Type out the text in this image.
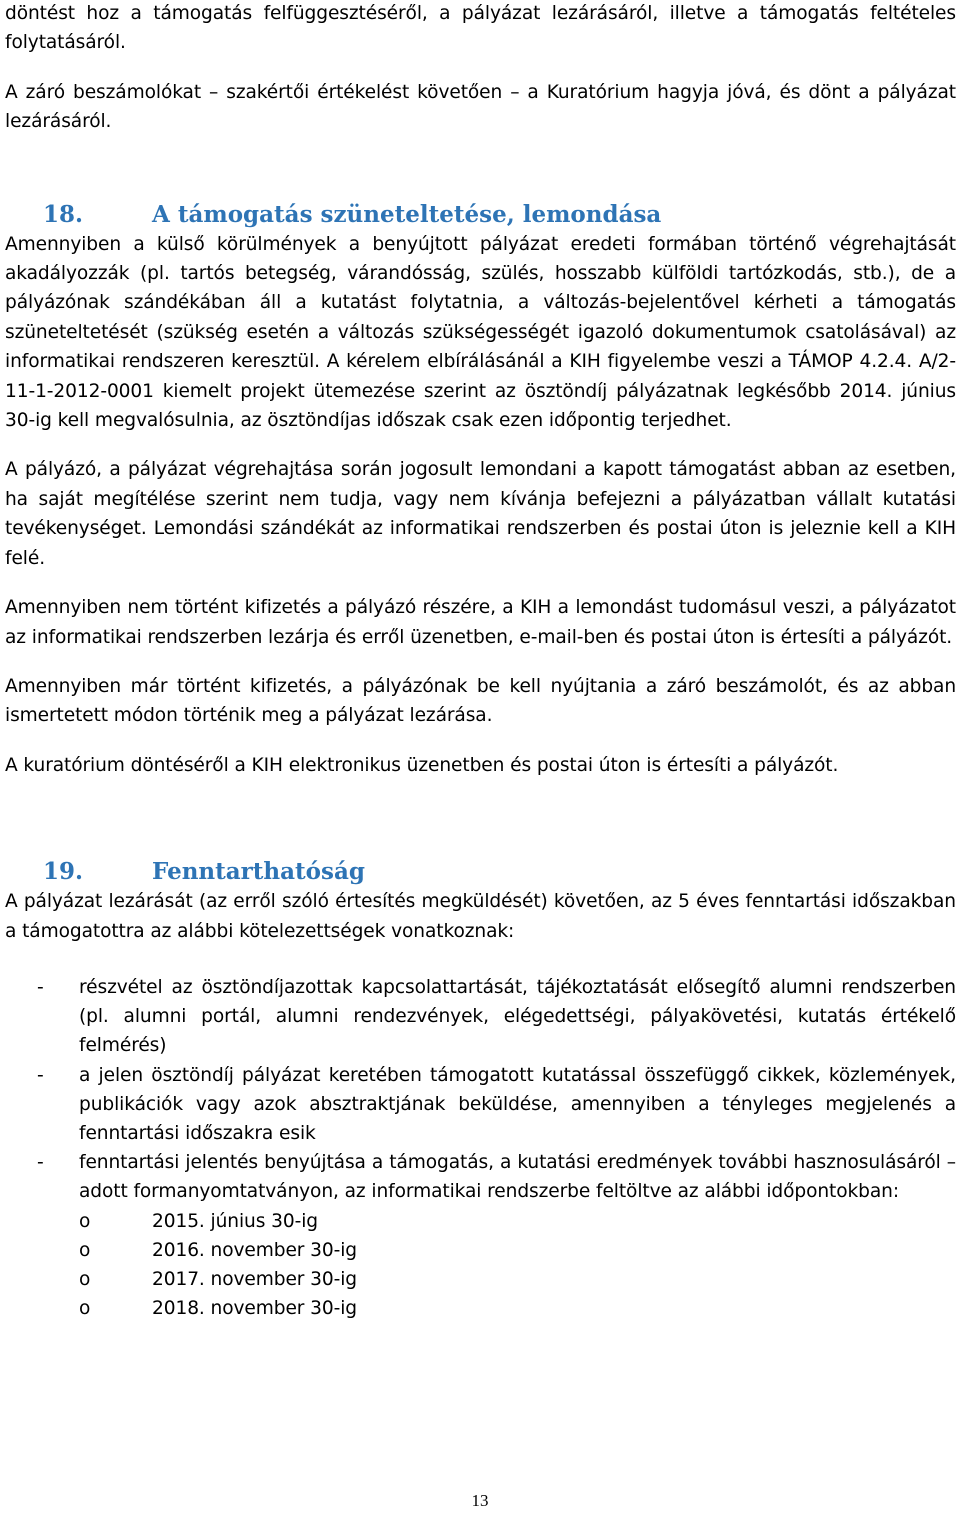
döntést hoz a támogatás felfüggesztéséről, a pályázat lezárásáról, illetve a támogatás feltételes folytatásáról.

A záró beszámolókat – szakértői értékelést követően – a Kuratórium hagyja jóvá, és dönt a pályázat lezárásáról.

18.	A támogatás szüneteltetése, lemondása

Amennyiben a külső körülmények a benyújtott pályázat eredeti formában történő végrehajtását akadályozzák (pl. tartós betegség, várandósság, szülés, hosszabb külföldi tartózkodás, stb.), de a pályázónak szándékában áll a kutatást folytatnia, a változás-bejelentővel kérheti a támogatás szüneteltetését (szükség esetén a változás szükségességét igazoló dokumentumok csatolásával) az informatikai rendszeren keresztül. A kérelem elbírálásánál a KIH figyelembe veszi a TÁMOP 4.2.4. A/2-11-1-2012-0001 kiemelt projekt ütemezése szerint az ösztöndíj pályázatnak legkésőbb 2014. június 30-ig kell megvalósulnia, az ösztöndíjas időszak csak ezen időpontig terjedhet.

A pályázó, a pályázat végrehajtása során jogosult lemondani a kapott támogatást abban az esetben, ha saját megítélése szerint nem tudja, vagy nem kívánja befejezni a pályázatban vállalt kutatási tevékenységet. Lemondási szándékát az informatikai rendszerben és postai úton is jeleznie kell a KIH felé.

Amennyiben nem történt kifizetés a pályázó részére, a KIH a lemondást tudomásul veszi, a pályázatot az informatikai rendszerben lezárja és erről üzenetben, e-mail-ben és postai úton is értesíti a pályázót.

Amennyiben már történt kifizetés, a pályázónak be kell nyújtania a záró beszámolót, és az abban ismertetett módon történik meg a pályázat lezárása.

A kuratórium döntéséről a KIH elektronikus üzenetben és postai úton is értesíti a pályázót.

19.	Fenntarthatóság

A pályázat lezárását (az erről szóló értesítés megküldését) követően, az 5 éves fenntartási időszakban a támogatottra az alábbi kötelezettségek vonatkoznak:

- részvétel az ösztöndíjazottak kapcsolattartását, tájékoztatását elősegítő alumni rendszerben (pl. alumni portál, alumni rendezvények, elégedettségi, pályakövetési, kutatás értékelő felmérés)
- a jelen ösztöndíj pályázat keretében támogatott kutatással összefüggő cikkek, közlemények, publikációk vagy azok absztraktjának beküldése, amennyiben a tényleges megjelenés a fenntartási időszakra esik
- fenntartási jelentés benyújtása a támogatás, a kutatási eredmények további hasznosulásáról – adott formanyomtatványon, az informatikai rendszerbe feltöltve az alábbi időpontokban:
o	2015. június 30-ig
o	2016. november 30-ig
o	2017. november 30-ig
o	2018. november 30-ig
13
